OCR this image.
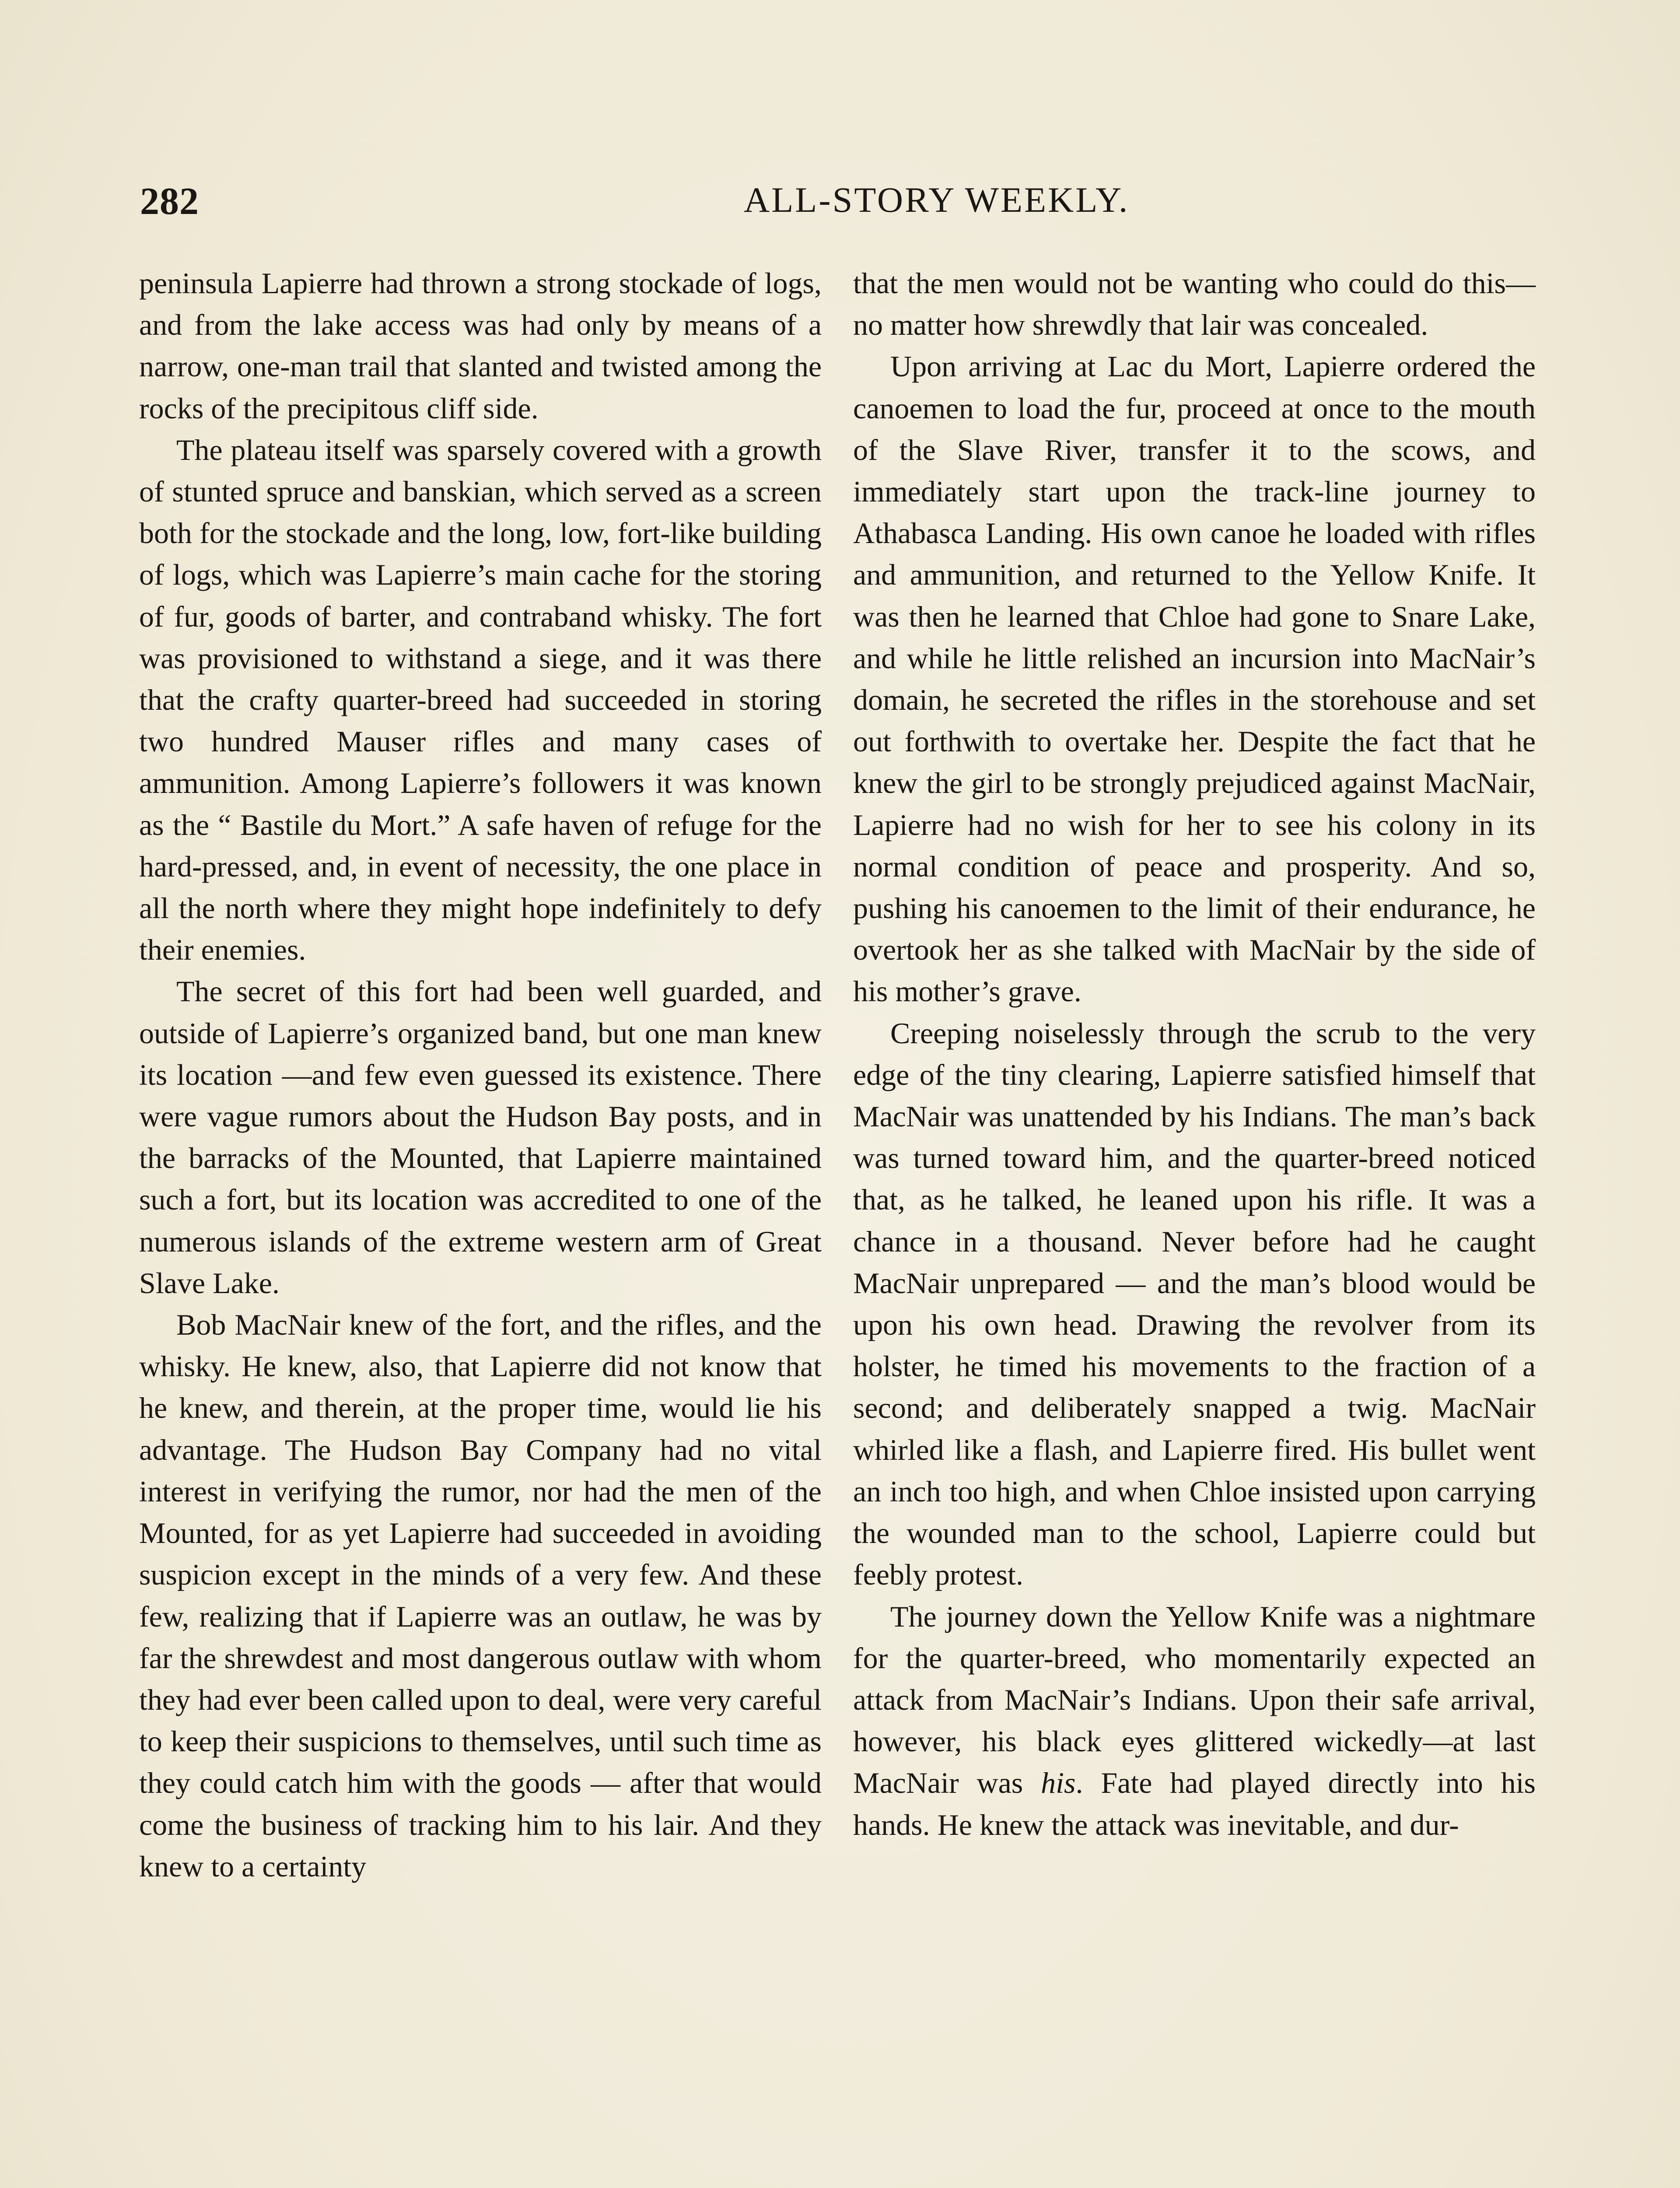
282	ALL-STORY WEEKLY.

peninsula Lapierre had thrown a strong stockade of logs, and from the lake access was had only by means of a narrow, one-man trail that slanted and twisted among the rocks of the precipitous cliff side.

The plateau itself was sparsely covered with a growth of stunted spruce and banskian, which served as a screen both for the stockade and the long, low, fort-like building of logs, which was Lapierre’s main cache for the storing of fur, goods of barter, and contraband whisky. The fort was provisioned to withstand a siege, and it was there that the crafty quarter-breed had succeeded in storing two hundred Mauser rifles and many cases of ammunition. Among Lapierre’s followers it was known as the “ Bastile du Mort.” A safe haven of refuge for the hard-pressed, and, in event of necessity, the one place in all the north where they might hope indefinitely to defy their enemies.

The secret of this fort had been well guarded, and outside of Lapierre’s organized band, but one man knew its location —and few even guessed its existence. There were vague rumors about the Hudson Bay posts, and in the barracks of the Mounted, that Lapierre maintained such a fort, but its location was accredited to one of the numerous islands of the extreme western arm of Great Slave Lake.

Bob MacNair knew of the fort, and the rifles, and the whisky. He knew, also, that Lapierre did not know that he knew, and therein, at the proper time, would lie his advantage. The Hudson Bay Company had no vital interest in verifying the rumor, nor had the men of the Mounted, for as yet Lapierre had succeeded in avoiding suspicion except in the minds of a very few. And these few, realizing that if Lapierre was an outlaw, he was by far the shrewdest and most dangerous outlaw with whom they had ever been called upon to deal, were very careful to keep their suspicions to themselves, until such time as they could catch him with the goods — after that would come the business of tracking him to his lair. And they knew to a certainty

that the men would not be wanting who could do this—no matter how shrewdly that lair was concealed.

Upon arriving at Lac du Mort, Lapierre ordered the canoemen to load the fur, proceed at once to the mouth of the Slave River, transfer it to the scows, and immediately start upon the track-line journey to Athabasca Landing. His own canoe he loaded with rifles and ammunition, and returned to the Yellow Knife. It was then he learned that Chloe had gone to Snare Lake, and while he little relished an incursion into MacNair’s domain, he secreted the rifles in the storehouse and set out forthwith to overtake her. Despite the fact that he knew the girl to be strongly prejudiced against MacNair, Lapierre had no wish for her to see his colony in its normal condition of peace and prosperity. And so, pushing his canoemen to the limit of their endurance, he overtook her as she talked with MacNair by the side of his mother’s grave.

Creeping noiselessly through the scrub to the very edge of the tiny clearing, Lapierre satisfied himself that MacNair was unattended by his Indians. The man’s back was turned toward him, and the quarter-breed noticed that, as he talked, he leaned upon his rifle. It was a chance in a thousand. Never before had he caught MacNair unprepared — and the man’s blood would be upon his own head. Drawing the revolver from its holster, he timed his movements to the fraction of a second; and deliberately snapped a twig. MacNair whirled like a flash, and Lapierre fired. His bullet went an inch too high, and when Chloe insisted upon carrying the wounded man to the school, Lapierre could but feebly protest.

The journey down the Yellow Knife was a nightmare for the quarter-breed, who momentarily expected an attack from MacNair’s Indians. Upon their safe arrival, however, his black eyes glittered wickedly—at last MacNair was his. Fate had played directly into his hands. He knew the attack was inevitable, and dur-
